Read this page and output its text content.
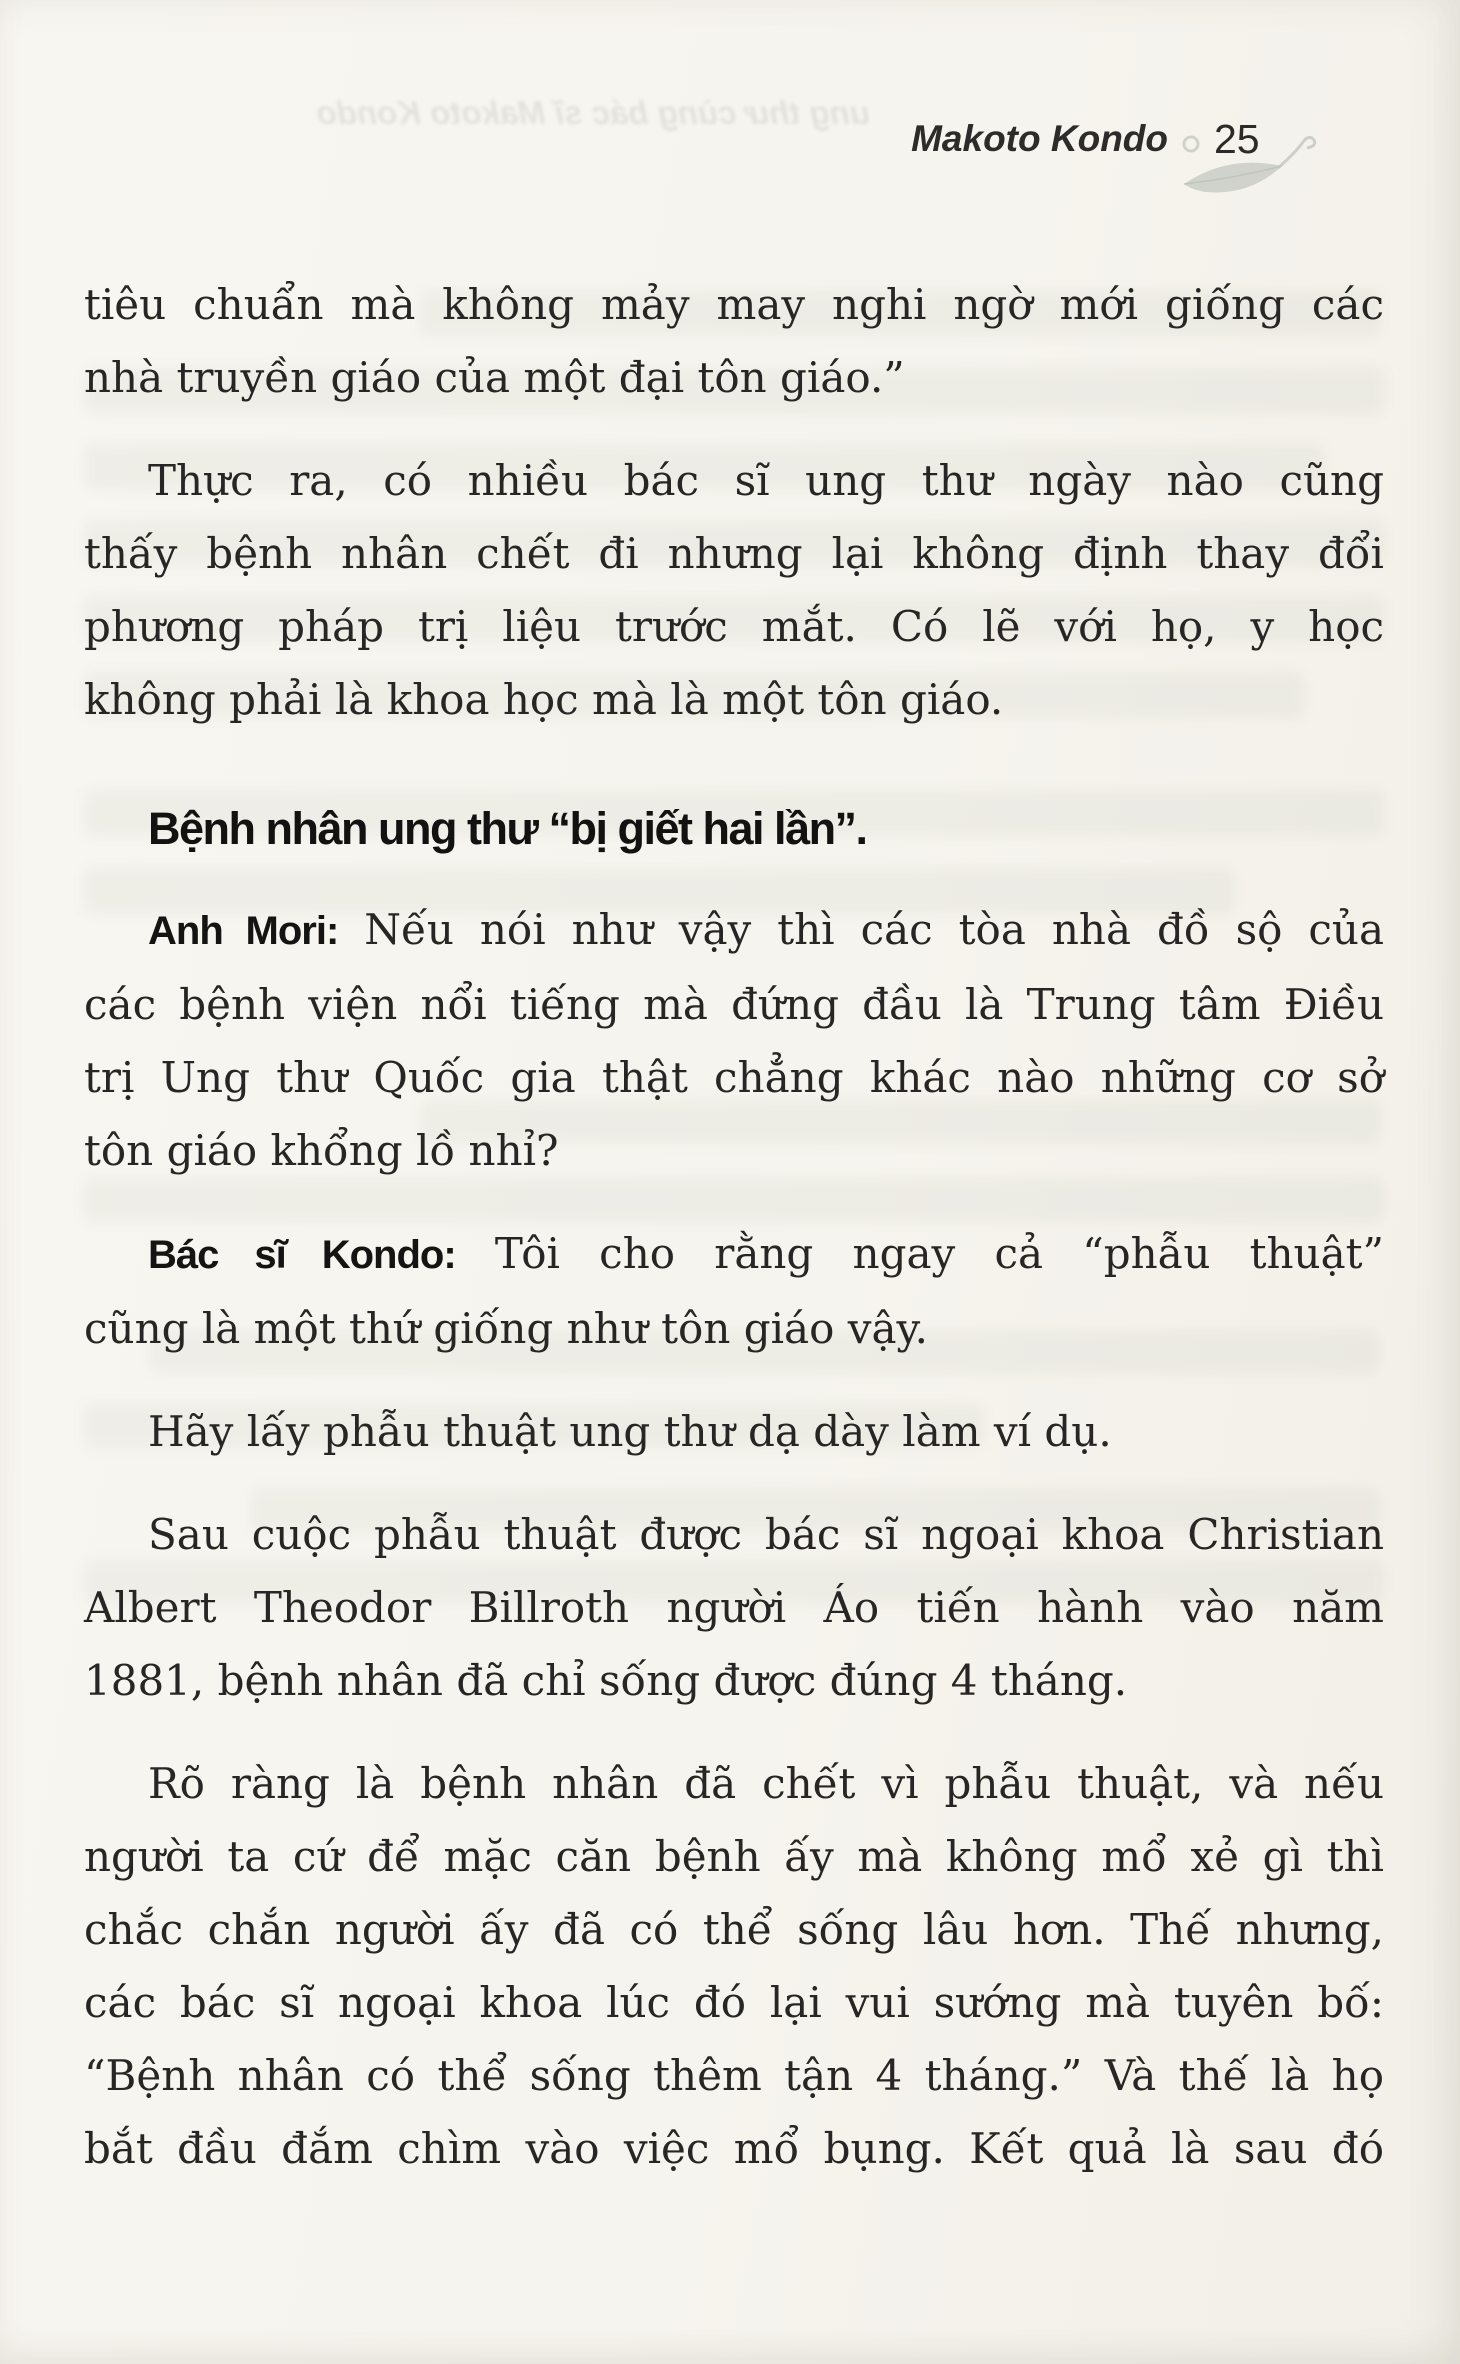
ung thư cùng bác sĩ Makoto Kondo
Makoto Kondo 25
tiêu chuẩn mà không mảy may nghi ngờ mới giống các
nhà truyền giáo của một đại tôn giáo.”
Thực ra, có nhiều bác sĩ ung thư ngày nào cũng
thấy bệnh nhân chết đi nhưng lại không định thay đổi
phương pháp trị liệu trước mắt. Có lẽ với họ, y học
không phải là khoa học mà là một tôn giáo.
Bệnh nhân ung thư “bị giết hai lần”.
Anh Mori: Nếu nói như vậy thì các tòa nhà đồ sộ của
các bệnh viện nổi tiếng mà đứng đầu là Trung tâm Điều
trị Ung thư Quốc gia thật chẳng khác nào những cơ sở
tôn giáo khổng lồ nhỉ?
Bác sĩ Kondo: Tôi cho rằng ngay cả “phẫu thuật”
cũng là một thứ giống như tôn giáo vậy.
Hãy lấy phẫu thuật ung thư dạ dày làm ví dụ.
Sau cuộc phẫu thuật được bác sĩ ngoại khoa Christian
Albert Theodor Billroth người Áo tiến hành vào năm
1881, bệnh nhân đã chỉ sống được đúng 4 tháng.
Rõ ràng là bệnh nhân đã chết vì phẫu thuật, và nếu
người ta cứ để mặc căn bệnh ấy mà không mổ xẻ gì thì
chắc chắn người ấy đã có thể sống lâu hơn. Thế nhưng,
các bác sĩ ngoại khoa lúc đó lại vui sướng mà tuyên bố:
“Bệnh nhân có thể sống thêm tận 4 tháng.” Và thế là họ
bắt đầu đắm chìm vào việc mổ bụng. Kết quả là sau đó
